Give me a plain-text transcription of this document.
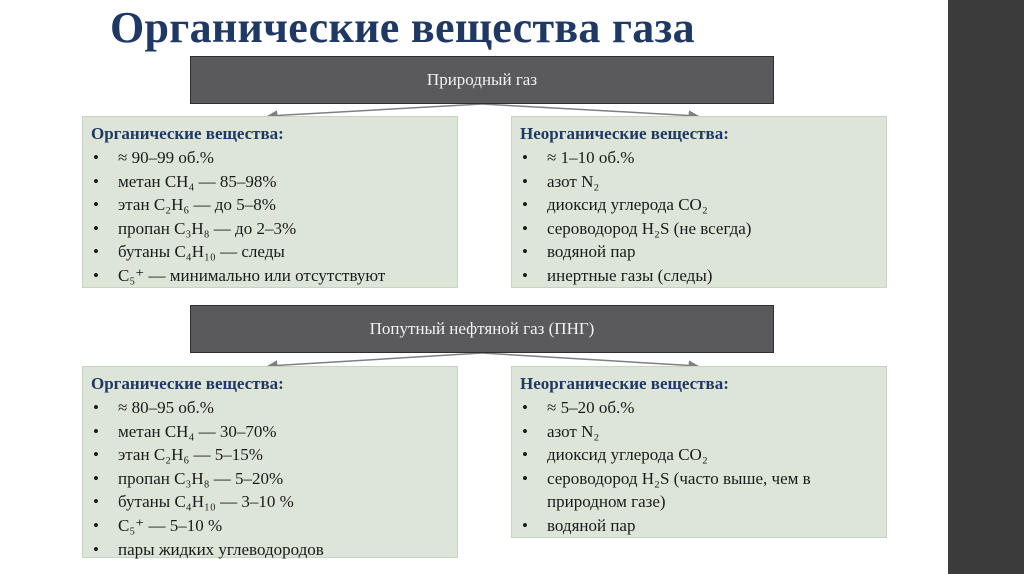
Органические вещества газа
Природный газ
Органические вещества:
• ≈ 90–99 об.%
• метан CH₄ — 85–98%
• этан C₂H₆ — до 5–8%
• пропан C₃H₈ — до 2–3%
• бутаны C₄H₁₀ — следы
• C₅⁺ — минимально или отсутствуют
Неорганические вещества:
• ≈ 1–10 об.%
• азот N₂
• диоксид углерода CO₂
• сероводород H₂S (не всегда)
• водяной пар
• инертные газы (следы)
Попутный нефтяной газ (ПНГ)
Органические вещества:
• ≈ 80–95 об.%
• метан CH₄ — 30–70%
• этан C₂H₆ — 5–15%
• пропан C₃H₈ — 5–20%
• бутаны C₄H₁₀ — 3–10 %
• C₅⁺ — 5–10 %
• пары жидких углеводородов
Неорганические вещества:
• ≈ 5–20 об.%
• азот N₂
• диоксид углерода CO₂
• сероводород H₂S (часто выше, чем в
природном газе)
• водяной пар
